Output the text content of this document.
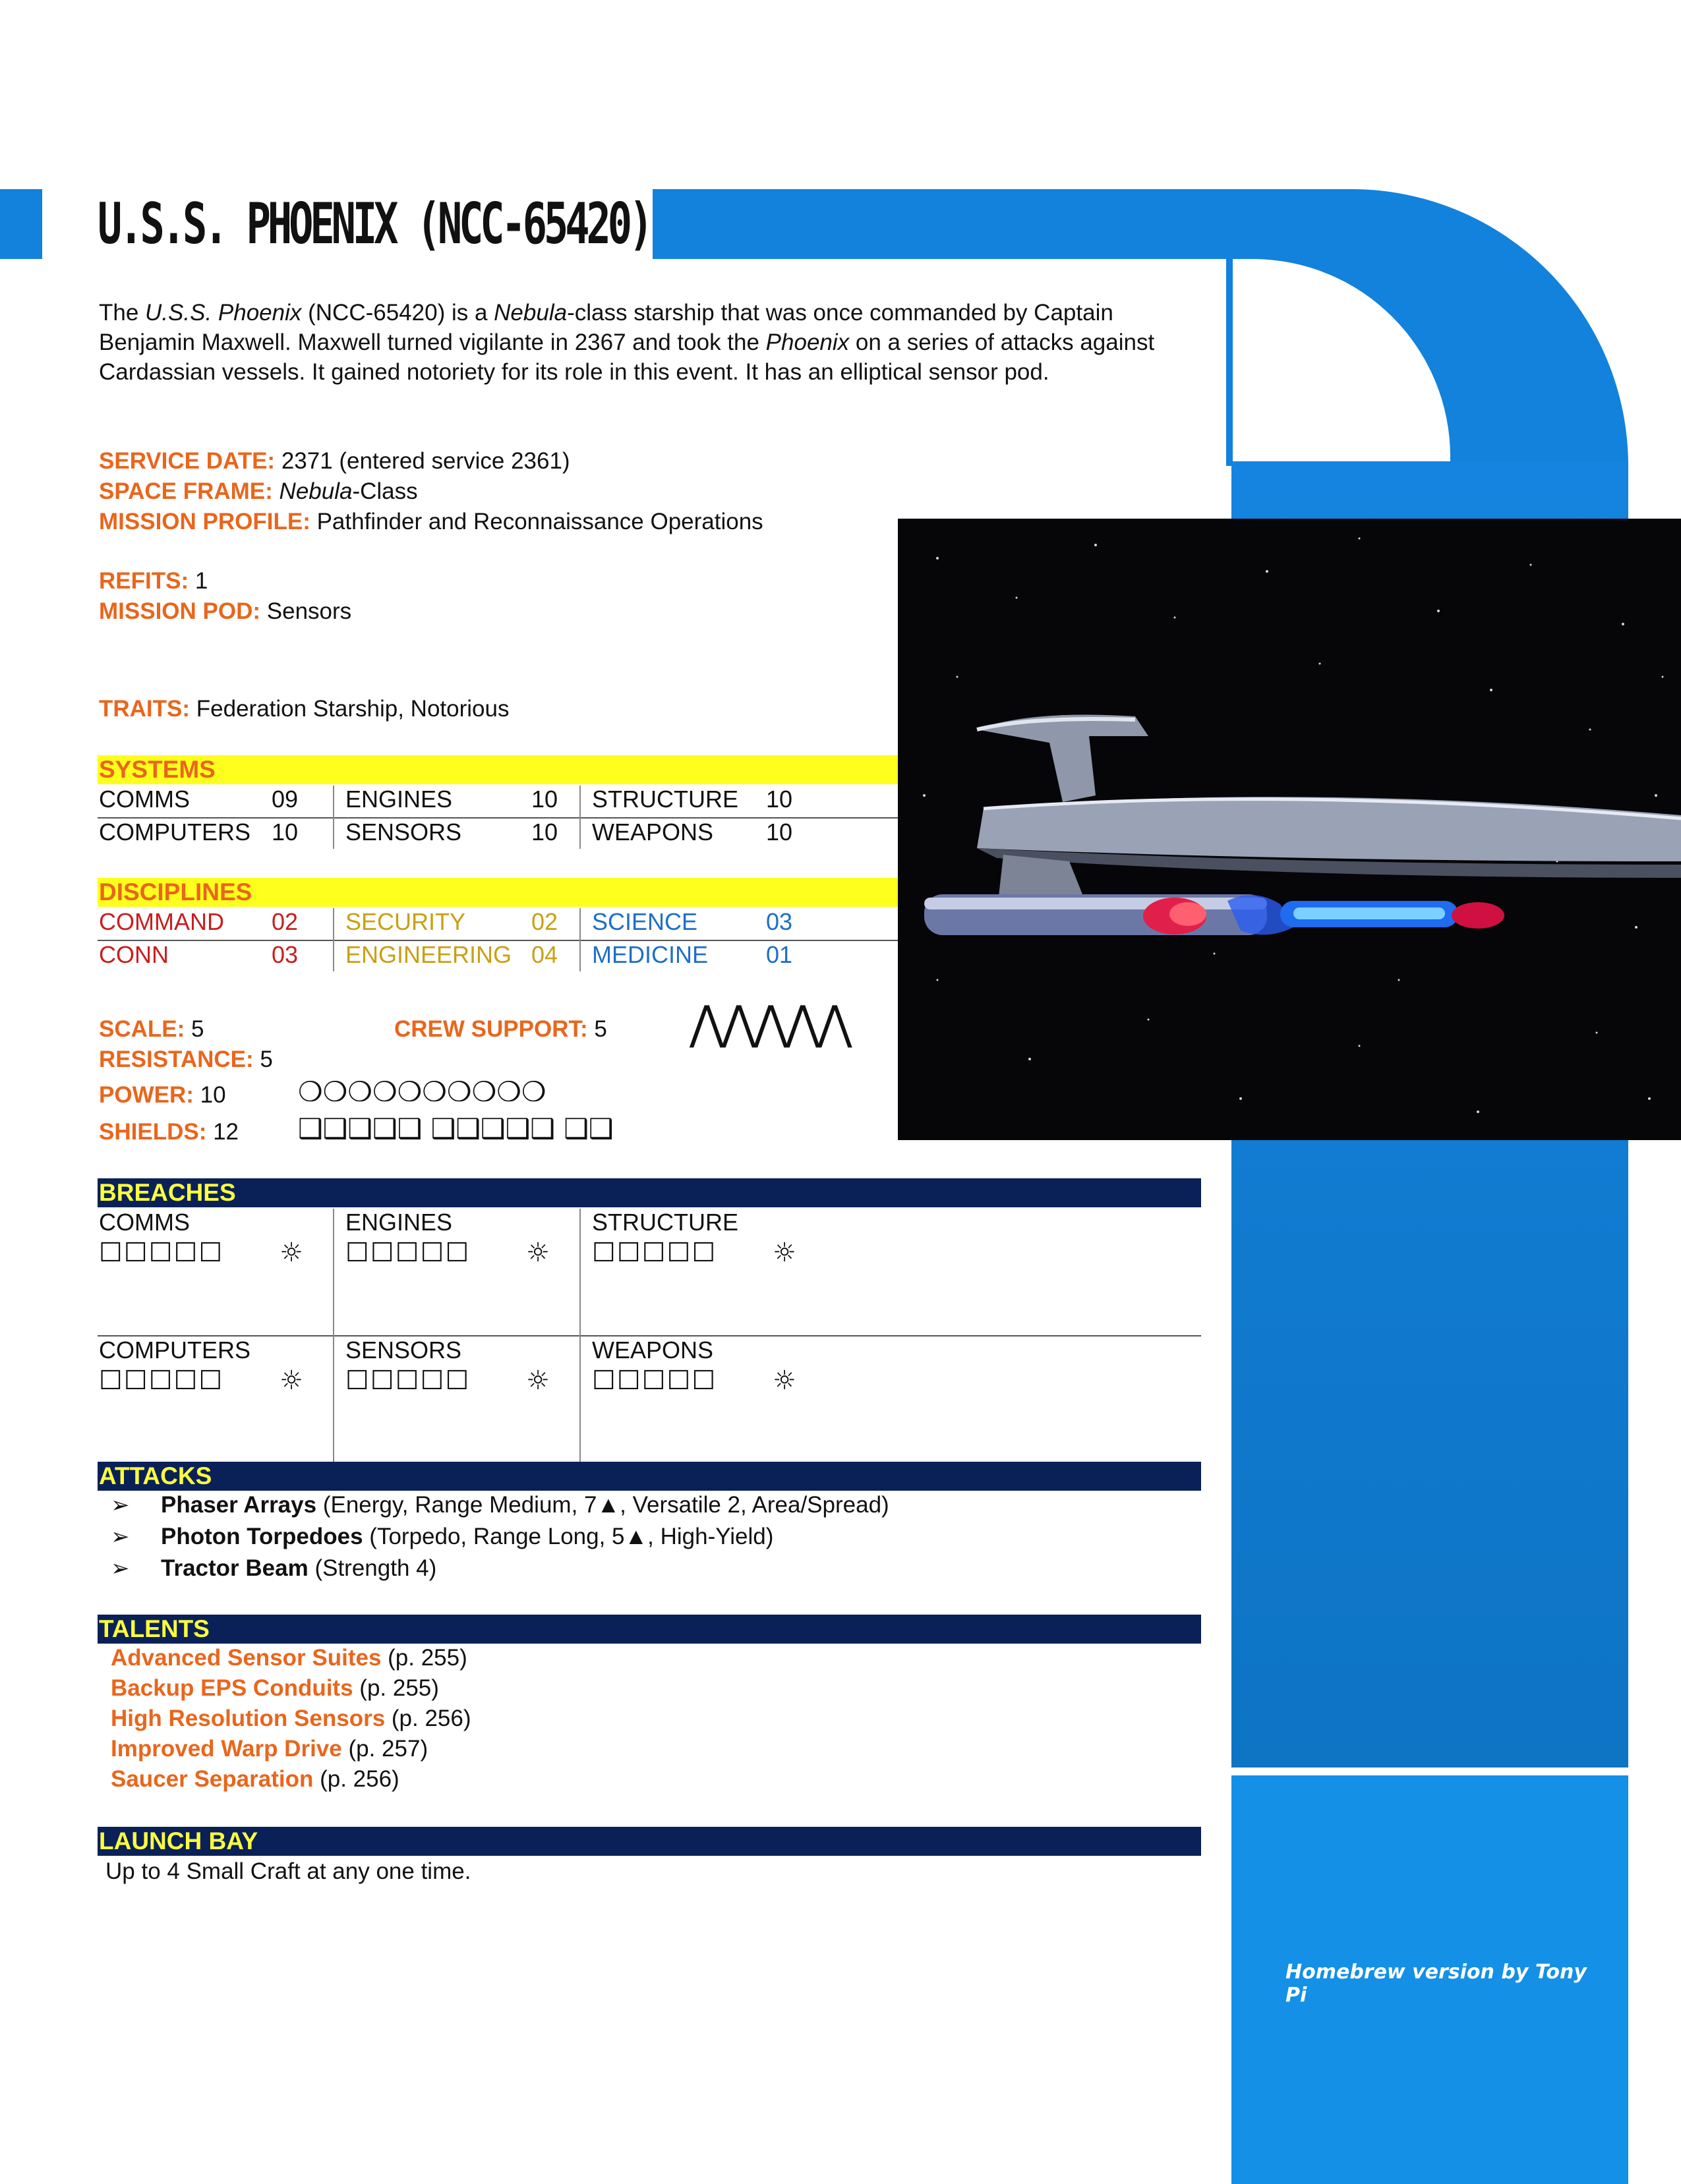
Homebrew version by Tony Pi
U.S.S. PHOENIX (NCC-65420)
The U.S.S. Phoenix (NCC-65420) is a Nebula-class starship that was once commanded by Captain Benjamin Maxwell. Maxwell turned vigilante in 2367 and took the Phoenix on a series of attacks against Cardassian vessels. It gained notoriety for its role in this event. It has an elliptical sensor pod.
SERVICE DATE: 2371 (entered service 2361)
SPACE FRAME: Nebula-Class
MISSION PROFILE: Pathfinder and Reconnaissance Operations
REFITS: 1
MISSION POD: Sensors
TRAITS: Federation Starship, Notorious
SYSTEMS
COMMS	09 ENGINES	10 STRUCTURE 10
COMPUTERS 10 SENSORS	10 WEAPONS 10
DISCIPLINES
COMMAND 02 SECURITY	02 SCIENCE	03
CONN	03 ENGINEERING 04 MEDICINE 01
SCALE: 5	CREW SUPPORT: 5 ⋀⋀⋀⋀⋀
RESISTANCE: 5
POWER: 10	❍❍❍❍❍❍❍❍❍❍
SHIELDS: 12 ❑❑❑❑❑ ❑❑❑❑❑ ❑❑
BREACHES
COMMS	ENGINES	STRUCTURE
☐☐☐☐☐ ☼ ☐☐☐☐☐ ☼ ☐☐☐☐☐ ☼
COMPUTERS	SENSORS	WEAPONS
☐☐☐☐☐ ☼ ☐☐☐☐☐ ☼ ☐☐☐☐☐ ☼
ATTACKS
➢ Phaser Arrays (Energy, Range Medium, 7▲, Versatile 2, Area/Spread)
➢ Photon Torpedoes (Torpedo, Range Long, 5▲, High-Yield)
➢ Tractor Beam (Strength 4)
TALENTS
Advanced Sensor Suites (p. 255)
Backup EPS Conduits (p. 255)
High Resolution Sensors (p. 256)
Improved Warp Drive (p. 257)
Saucer Separation (p. 256)
LAUNCH BAY
Up to 4 Small Craft at any one time.
